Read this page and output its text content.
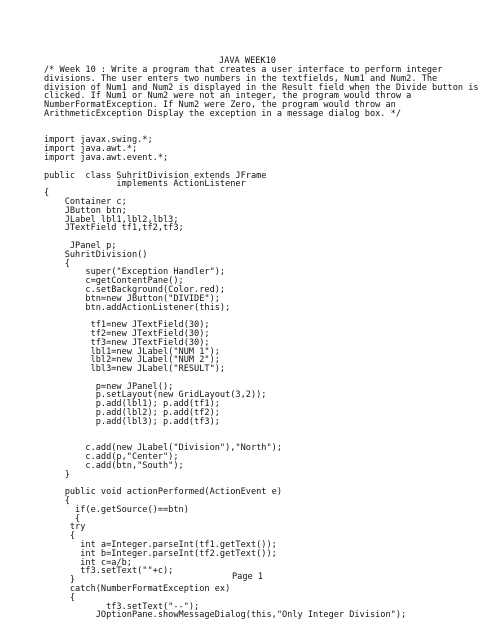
JAVA WEEK10
/* Week 10 : Write a program that creates a user interface to perform integer
divisions. The user enters two numbers in the textfields, Num1 and Num2. The
division of Num1 and Num2 is displayed in the Result field when the Divide button is
clicked. If Num1 or Num2 were not an integer, the program would throw a
NumberFormatException. If Num2 were Zero, the program would throw an
ArithmeticException Display the exception in a message dialog box. */
import javax.swing.*;
import java.awt.*;
import java.awt.event.*;
public  class SuhritDivision extends JFrame
implements ActionListener
{
Container c;
JButton btn;
JLabel lbl1,lbl2,lbl3;
JTextField tf1,tf2,tf3;
JPanel p;
SuhritDivision()
{
super("Exception Handler");
c=getContentPane();
c.setBackground(Color.red);
btn=new JButton("DIVIDE");
btn.addActionListener(this);
tf1=new JTextField(30);
tf2=new JTextField(30);
tf3=new JTextField(30);
lbl1=new JLabel("NUM 1");
lbl2=new JLabel("NUM 2");
lbl3=new JLabel("RESULT");
p=new JPanel();
p.setLayout(new GridLayout(3,2));
p.add(lbl1); p.add(tf1);
p.add(lbl2); p.add(tf2);
p.add(lbl3); p.add(tf3);
c.add(new JLabel("Division"),"North");
c.add(p,"Center");
c.add(btn,"South");
}
public void actionPerformed(ActionEvent e)
{
if(e.getSource()==btn)
{
try
{
int a=Integer.parseInt(tf1.getText());
int b=Integer.parseInt(tf2.getText());
int c=a/b;
tf3.setText(""+c);
}
catch(NumberFormatException ex)
{
tf3.setText("--");
JOptionPane.showMessageDialog(this,"Only Integer Division");
Page 1
